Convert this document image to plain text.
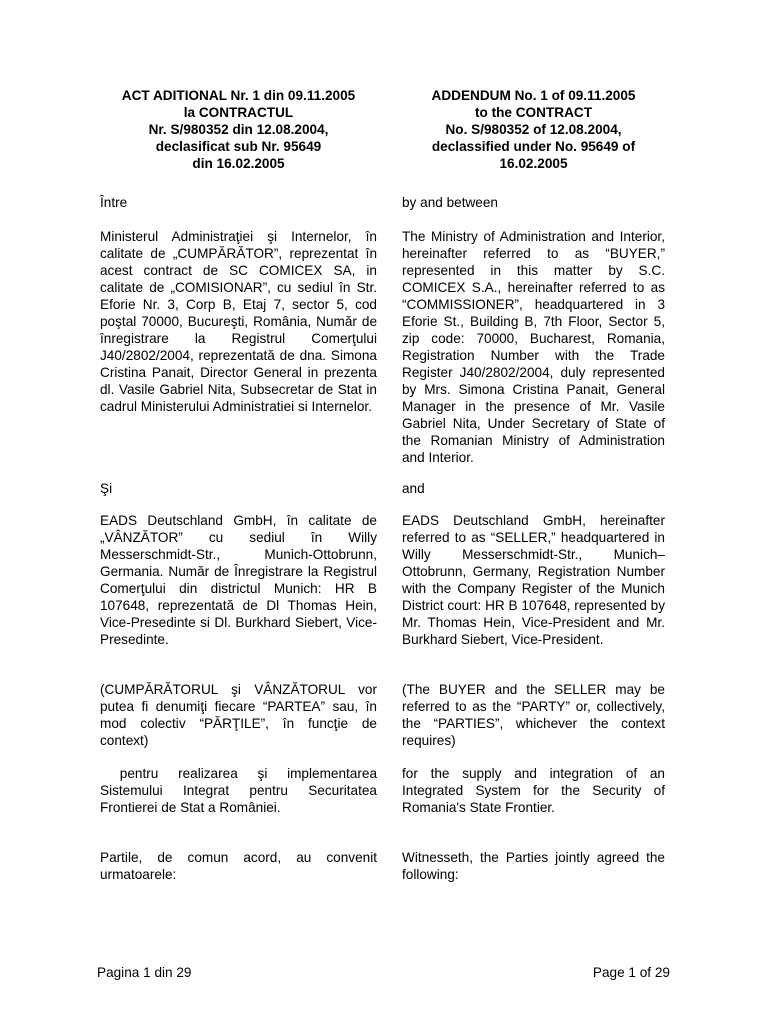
ACT ADITIONAL Nr. 1 din 09.11.2005
la CONTRACTUL
Nr. S/980352 din 12.08.2004,
declasificat sub Nr. 95649
din 16.02.2005
Între
Ministerul Administraţiei şi Internelor, în calitate de „CUMPĂRĂTOR”, reprezentat în acest contract de SC COMICEX SA, in calitate de „COMISIONAR”, cu sediul în Str. Eforie Nr. 3, Corp B, Etaj 7, sector 5, cod poştal 70000, Bucureşti, România, Număr de înregistrare la Registrul Comerţului J40/2802/2004, reprezentată de dna. Simona Cristina Panait, Director General in prezenta dl. Vasile Gabriel Nita, Subsecretar de Stat in cadrul Ministerului Administratiei si Internelor.
Şi
EADS Deutschland GmbH, în calitate de „VÂNZĂTOR” cu sediul în Willy Messerschmidt-Str., Munich-Ottobrunn, Germania. Număr de Înregistrare la Registrul Comerţului din districtul Munich: HR B 107648, reprezentată de Dl Thomas Hein, Vice-Presedinte si Dl. Burkhard Siebert, Vice-Presedinte.
(CUMPĂRĂTORUL şi VÂNZĂTORUL vor putea fi denumiţi fiecare “PARTEA” sau, în mod colectiv “PĂRŢILE”, în funcţie de context)
pentru realizarea şi implementarea Sistemului Integrat pentru Securitatea Frontierei de Stat a României.
Partile, de comun acord, au convenit urmatoarele:
ADDENDUM No. 1 of 09.11.2005
to the CONTRACT
No. S/980352 of 12.08.2004,
declassified under No. 95649 of
16.02.2005
by and between
The Ministry of Administration and Interior, hereinafter referred to as “BUYER,” represented in this matter by S.C. COMICEX S.A., hereinafter referred to as “COMMISSIONER”, headquartered in 3 Eforie St., Building B, 7th Floor, Sector 5, zip code: 70000, Bucharest, Romania, Registration Number with the Trade Register J40/2802/2004, duly represented by Mrs. Simona Cristina Panait, General Manager in the presence of Mr. Vasile Gabriel Nita, Under Secretary of State of the Romanian Ministry of Administration and Interior.
and
EADS Deutschland GmbH, hereinafter referred to as “SELLER,” headquartered in Willy Messerschmidt-Str., Munich–Ottobrunn, Germany, Registration Number with the Company Register of the Munich District court: HR B 107648, represented by Mr. Thomas Hein, Vice-President and Mr. Burkhard Siebert, Vice-President.
(The BUYER and the SELLER may be referred to as the “PARTY” or, collectively, the “PARTIES”, whichever the context requires)
for the supply and integration of an Integrated System for the Security of Romania's State Frontier.
Witnesseth, the Parties jointly agreed the following:
Pagina 1 din 29	Page 1 of 29
